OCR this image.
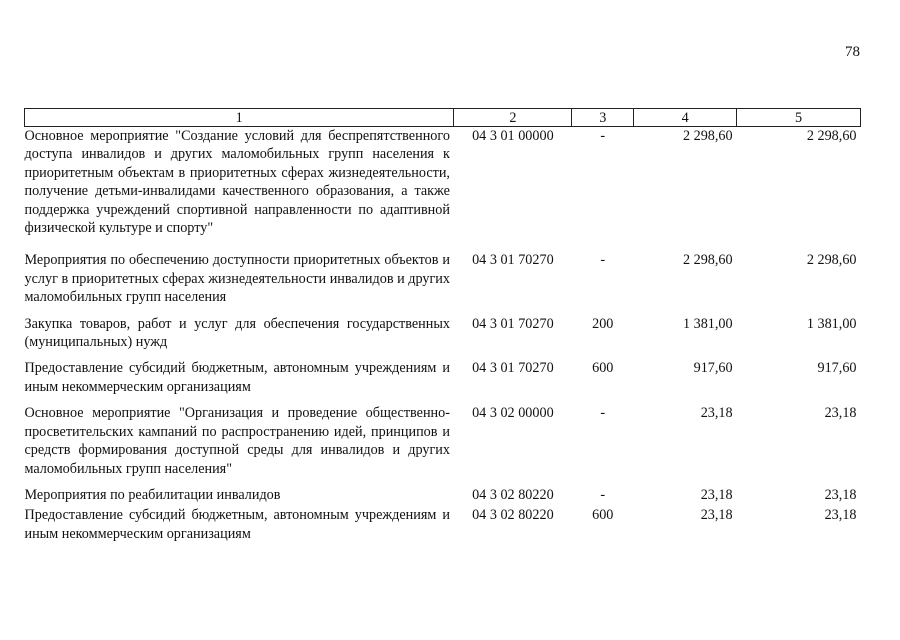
78
1	2	3	4	5
Основное мероприятие "Создание условий для беспрепятственного доступа инвалидов и других маломобильных групп населения к приоритетным объектам в приоритетных сферах жизнедеятельности, получение детьми-инвалидами качественного образования, а также поддержка учреждений спортивной направленности по адаптивной физической культуре и спорту"	04 3 01 00000	-	2 298,60	2 298,60
Мероприятия по обеспечению доступности приоритетных объектов и услуг в приоритетных сферах жизнедеятельности инвалидов и других маломобильных групп населения	04 3 01 70270	-	2 298,60	2 298,60
Закупка товаров, работ и услуг для обеспечения государственных (муниципальных) нужд	04 3 01 70270	200	1 381,00	1 381,00
Предоставление субсидий бюджетным, автономным учреждениям и иным некоммерческим организациям	04 3 01 70270	600	917,60	917,60
Основное мероприятие "Организация и проведение общественно-просветительских кампаний по распространению идей, принципов и средств формирования доступной среды для инвалидов и других маломобильных групп населения"	04 3 02 00000	-	23,18	23,18
Мероприятия по реабилитации инвалидов	04 3 02 80220	-	23,18	23,18
Предоставление субсидий бюджетным, автономным учреждениям и иным некоммерческим организациям	04 3 02 80220	600	23,18	23,18
